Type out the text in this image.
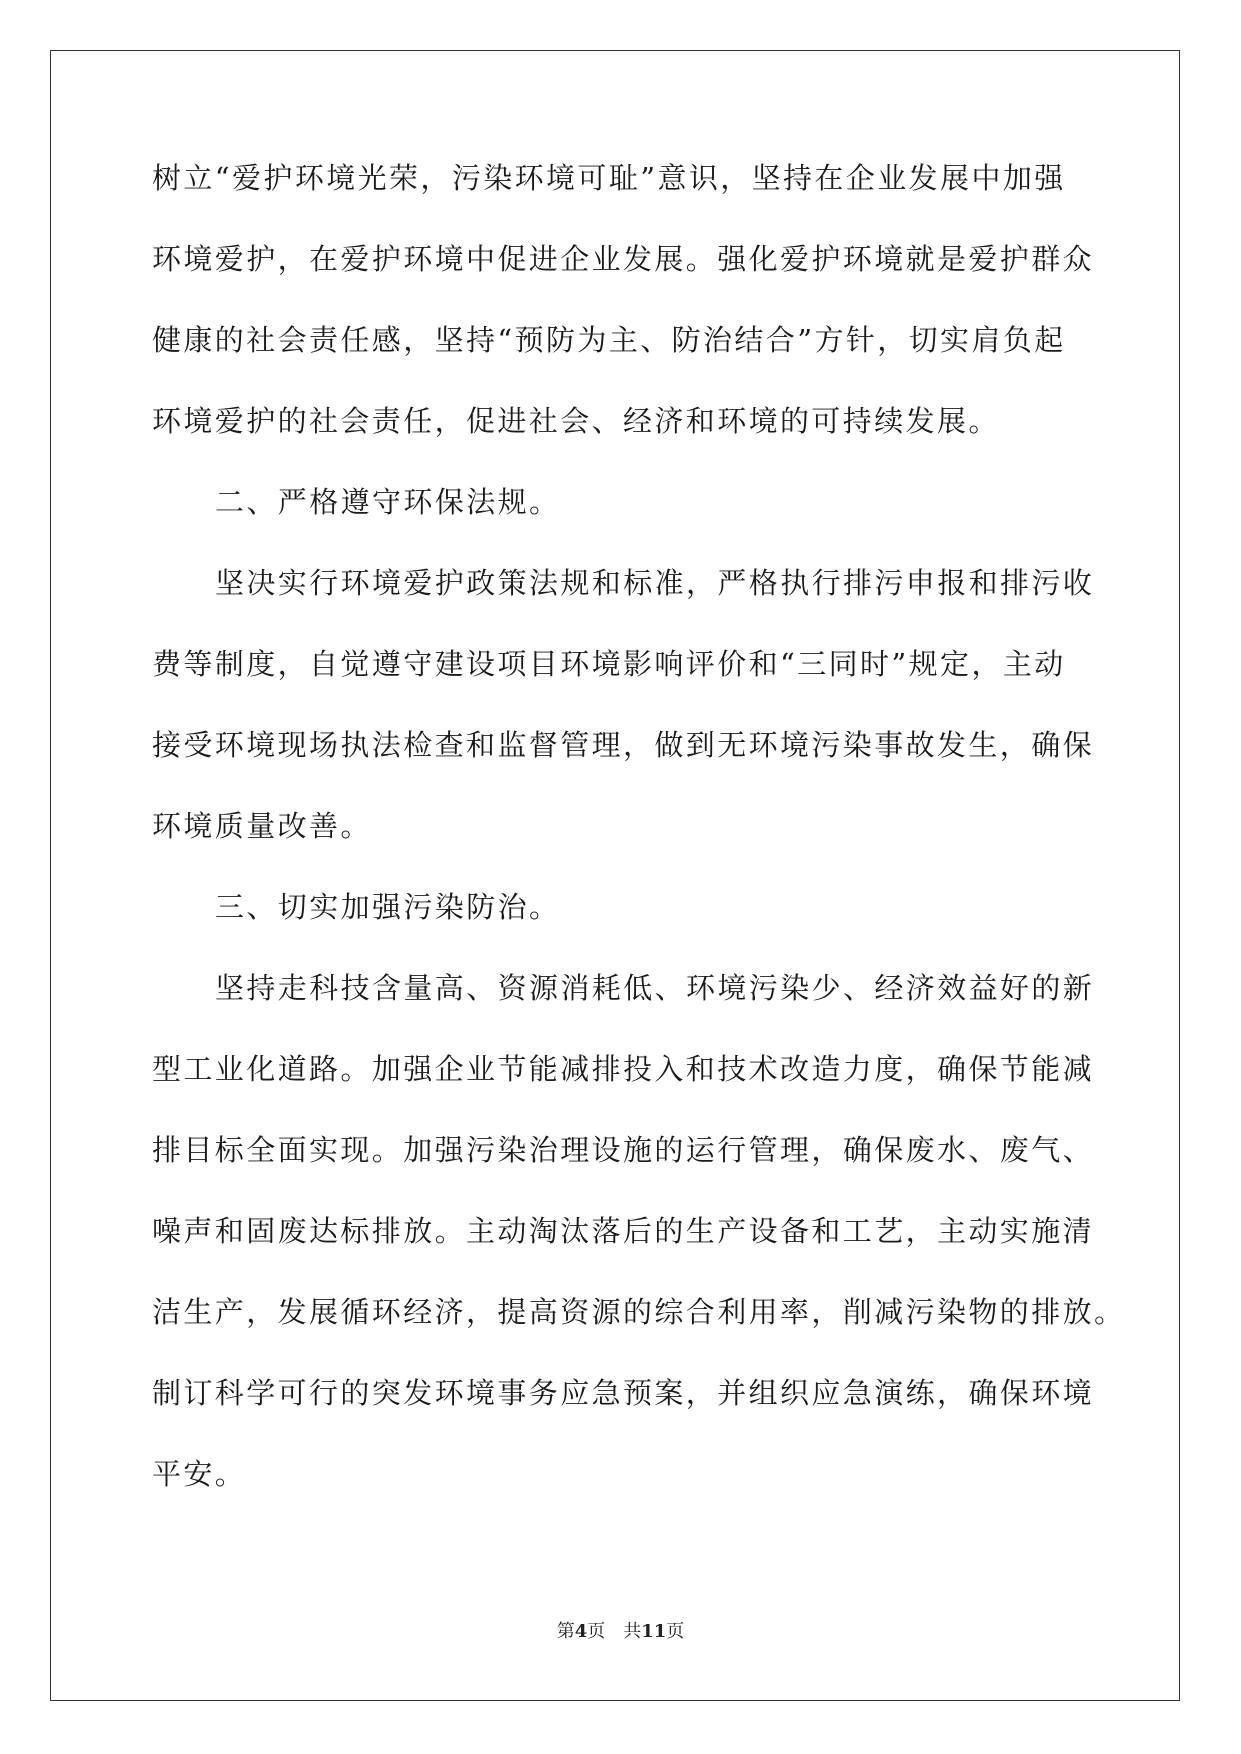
树立“爱护环境光荣，污染环境可耻”意识，坚持在企业发展中加强
环境爱护，在爱护环境中促进企业发展。强化爱护环境就是爱护群众
健康的社会责任感，坚持“预防为主、防治结合”方针，切实肩负起
环境爱护的社会责任，促进社会、经济和环境的可持续发展。
二、严格遵守环保法规。
坚决实行环境爱护政策法规和标准，严格执行排污申报和排污收
费等制度，自觉遵守建设项目环境影响评价和“三同时”规定，主动
接受环境现场执法检查和监督管理，做到无环境污染事故发生，确保
环境质量改善。
三、切实加强污染防治。
坚持走科技含量高、资源消耗低、环境污染少、经济效益好的新
型工业化道路。加强企业节能减排投入和技术改造力度，确保节能减
排目标全面实现。加强污染治理设施的运行管理，确保废水、废气、
噪声和固废达标排放。主动淘汰落后的生产设备和工艺，主动实施清
洁生产，发展循环经济，提高资源的综合利用率，削减污染物的排放。
制订科学可行的突发环境事务应急预案，并组织应急演练，确保环境
平安。
第4页 共11页
